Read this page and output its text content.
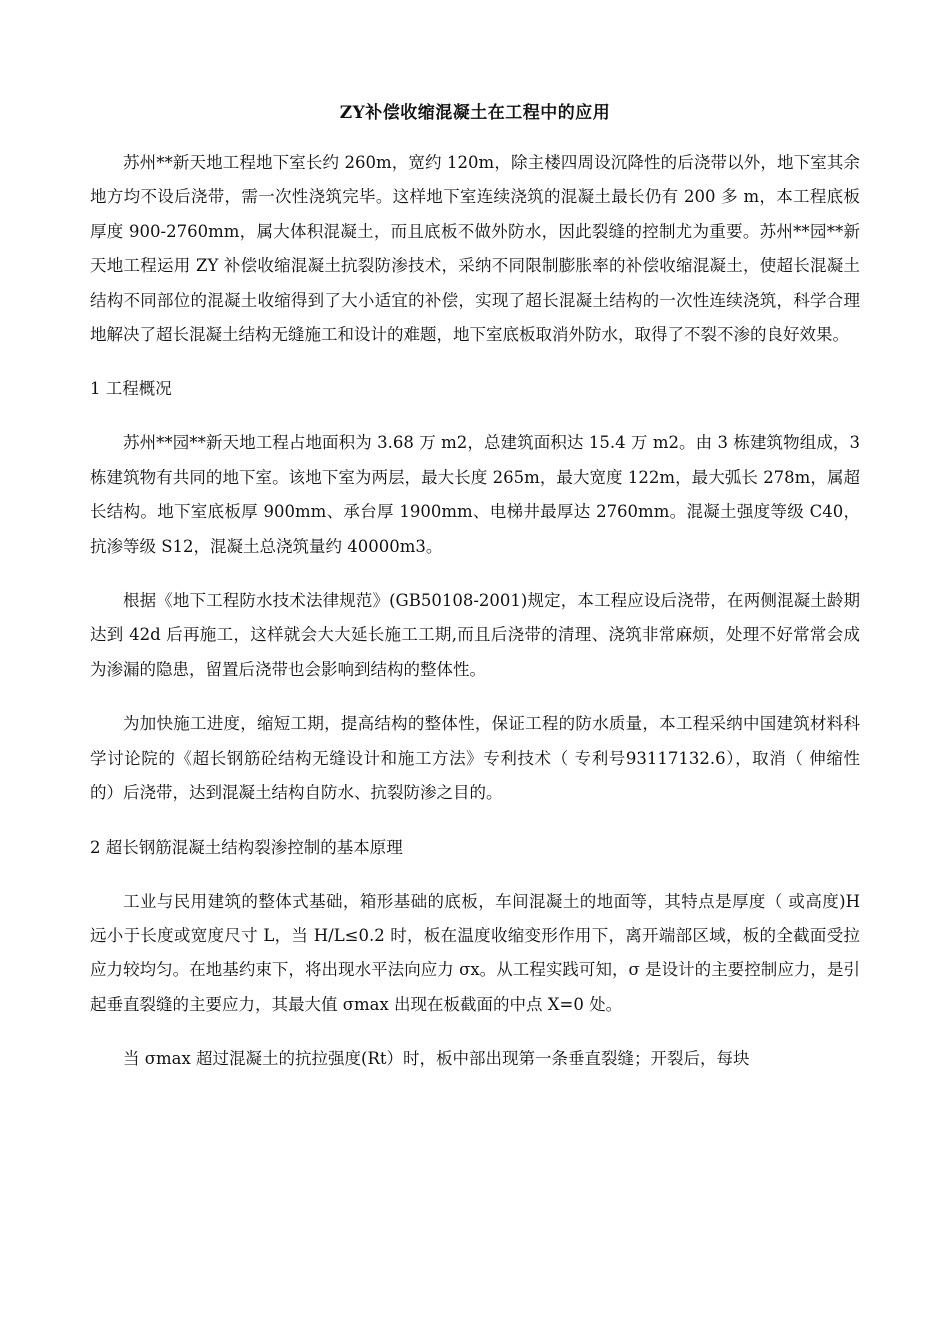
ZY补偿收缩混凝土在工程中的应用

苏州**新天地工程地下室长约 260m，宽约 120m，除主楼四周设沉降性的后浇带以外，地下室其余地方均不设后浇带，需一次性浇筑完毕。这样地下室连续浇筑的混凝土最长仍有 200 多 m，本工程底板厚度 900-2760mm，属大体积混凝土，而且底板不做外防水，因此裂缝的控制尤为重要。苏州**园**新天地工程运用 ZY 补偿收缩混凝土抗裂防渗技术，采纳不同限制膨胀率的补偿收缩混凝土，使超长混凝土结构不同部位的混凝土收缩得到了大小适宜的补偿，实现了超长混凝土结构的一次性连续浇筑，科学合理地解决了超长混凝土结构无缝施工和设计的难题，地下室底板取消外防水，取得了不裂不渗的良好效果。

1 工程概况

苏州**园**新天地工程占地面积为 3.68 万 m2，总建筑面积达 15.4 万 m2。由 3 栋建筑物组成，3 栋建筑物有共同的地下室。该地下室为两层，最大长度 265m，最大宽度 122m，最大弧长 278m，属超长结构。地下室底板厚 900mm、承台厚 1900mm、电梯井最厚达 2760mm。混凝土强度等级 C40，抗渗等级 S12，混凝土总浇筑量约 40000m3。

根据《地下工程防水技术法律规范》(GB50108-2001)规定，本工程应设后浇带，在两侧混凝土龄期达到 42d 后再施工，这样就会大大延长施工工期,而且后浇带的清理、浇筑非常麻烦，处理不好常常会成为渗漏的隐患，留置后浇带也会影响到结构的整体性。

为加快施工进度，缩短工期，提高结构的整体性，保证工程的防水质量，本工程采纳中国建筑材料科学讨论院的《超长钢筋砼结构无缝设计和施工方法》专利技术（ 专利号93117132.6），取消（ 伸缩性的）后浇带，达到混凝土结构自防水、抗裂防渗之目的。

2 超长钢筋混凝土结构裂渗控制的基本原理

工业与民用建筑的整体式基础，箱形基础的底板，车间混凝土的地面等，其特点是厚度（ 或高度)H 远小于长度或宽度尺寸 L，当 H/L≤0.2 时，板在温度收缩变形作用下，离开端部区域，板的全截面受拉应力较均匀。在地基约束下，将出现水平法向应力 σx。从工程实践可知，σ 是设计的主要控制应力，是引起垂直裂缝的主要应力，其最大值 σmax 出现在板截面的中点 X=0 处。

当 σmax 超过混凝土的抗拉强度(Rt）时，板中部出现第一条垂直裂缝；开裂后，每块
